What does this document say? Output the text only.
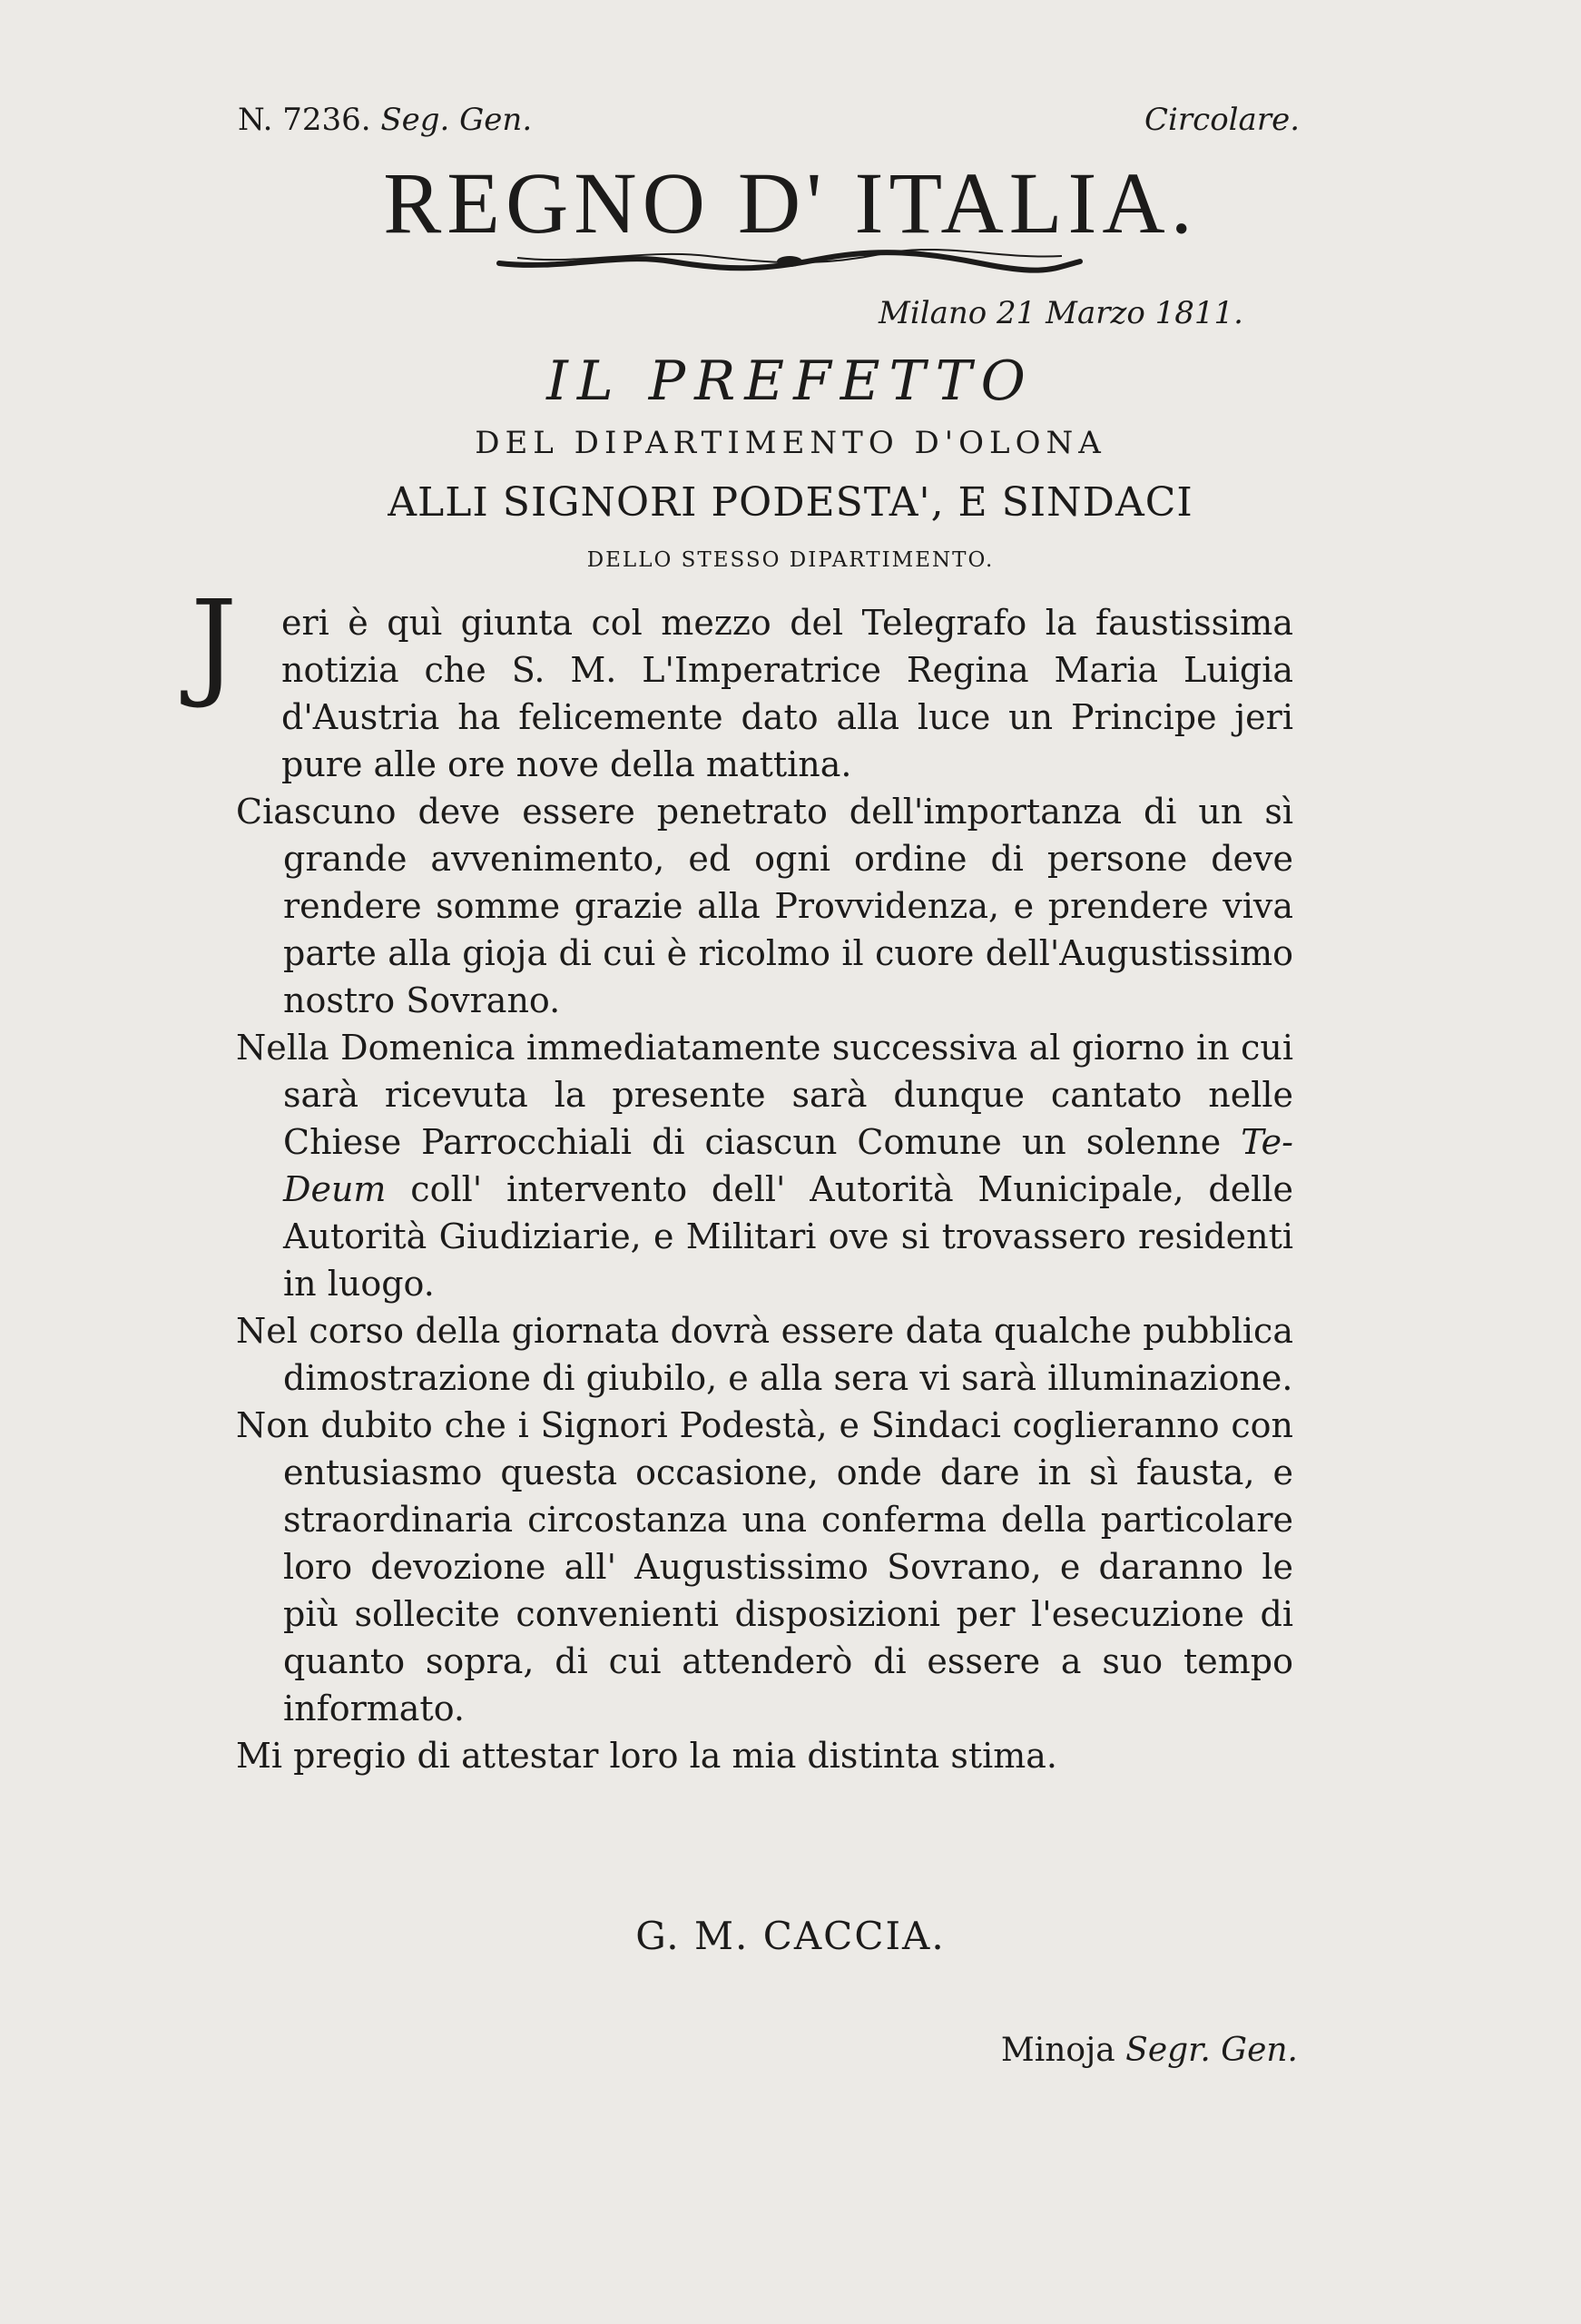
N. 7236. Seg. Gen.	Circolare.
REGNO D' ITALIA.
Milano 21 Marzo 1811.
IL PREFETTO
DEL DIPARTIMENTO D'OLONA
ALLI SIGNORI PODESTA', E SINDACI
DELLO STESSO DIPARTIMENTO.

J eri è quì giunta col mezzo del Telegrafo la faustissima notizia che S. M. L'Imperatrice Regina Maria Luigia d'Austria ha felicemente dato alla luce un Principe jeri pure alle ore nove della mattina.

Ciascuno deve essere penetrato dell'importanza di un sì grande avvenimento, ed ogni ordine di persone deve rendere somme grazie alla Provvidenza, e prendere viva parte alla gioja di cui è ricolmo il cuore dell'Augustissimo nostro Sovrano.

Nella Domenica immediatamente successiva al giorno in cui sarà ricevuta la presente sarà dunque cantato nelle Chiese Parrocchiali di ciascun Comune un solenne Te-Deum coll' intervento dell' Autorità Municipale, delle Autorità Giudiziarie, e Militari ove si trovassero residenti in luogo.

Nel corso della giornata dovrà essere data qualche pubblica dimostrazione di giubilo, e alla sera vi sarà illuminazione.

Non dubito che i Signori Podestà, e Sindaci coglieranno con entusiasmo questa occasione, onde dare in sì fausta, e straordinaria circostanza una conferma della particolare loro devozione all' Augustissimo Sovrano, e daranno le più sollecite convenienti disposizioni per l'esecuzione di quanto sopra, di cui attenderò di essere a suo tempo informato.

Mi pregio di attestar loro la mia distinta stima.

G. M. CACCIA.
Minoja Segr. Gen.
